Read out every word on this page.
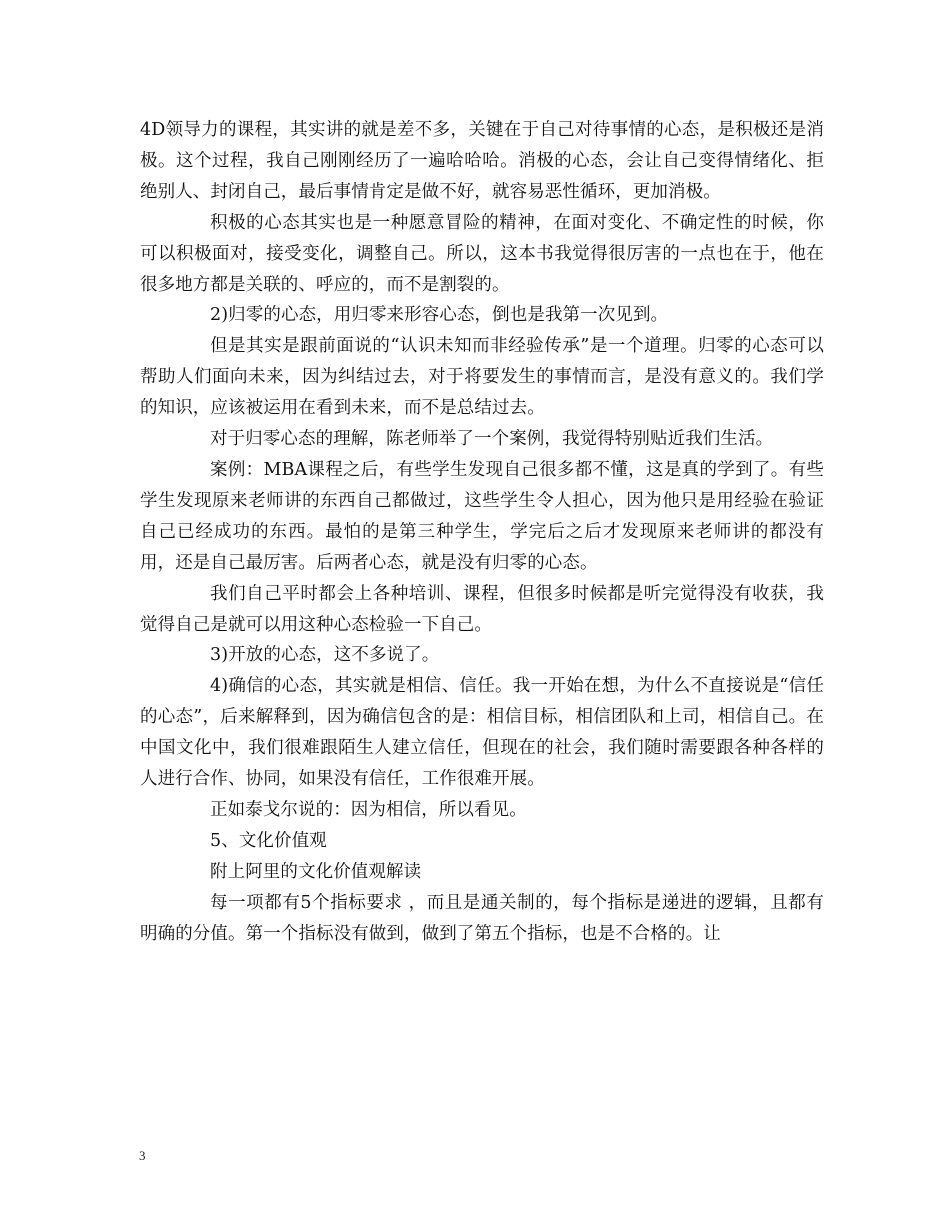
4D领导力的课程，其实讲的就是差不多，关键在于自己对待事情的心态，是积极还是消极。这个过程，我自己刚刚经历了一遍哈哈哈。消极的心态，会让自己变得情绪化、拒绝别人、封闭自己，最后事情肯定是做不好，就容易恶性循环，更加消极。

积极的心态其实也是一种愿意冒险的精神，在面对变化、不确定性的时候，你可以积极面对，接受变化，调整自己。所以，这本书我觉得很厉害的一点也在于，他在很多地方都是关联的、呼应的，而不是割裂的。

2)归零的心态，用归零来形容心态，倒也是我第一次见到。

但是其实是跟前面说的“认识未知而非经验传承”是一个道理。归零的心态可以帮助人们面向未来，因为纠结过去，对于将要发生的事情而言，是没有意义的。我们学的知识，应该被运用在看到未来，而不是总结过去。

对于归零心态的理解，陈老师举了一个案例，我觉得特别贴近我们生活。

案例：MBA课程之后，有些学生发现自己很多都不懂，这是真的学到了。有些学生发现原来老师讲的东西自己都做过，这些学生令人担心，因为他只是用经验在验证自己已经成功的东西。最怕的是第三种学生，学完后之后才发现原来老师讲的都没有用，还是自己最厉害。后两者心态，就是没有归零的心态。

我们自己平时都会上各种培训、课程，但很多时候都是听完觉得没有收获，我觉得自己是就可以用这种心态检验一下自己。

3)开放的心态，这不多说了。

4)确信的心态，其实就是相信、信任。我一开始在想，为什么不直接说是“信任的心态”，后来解释到，因为确信包含的是：相信目标，相信团队和上司，相信自己。在中国文化中，我们很难跟陌生人建立信任，但现在的社会，我们随时需要跟各种各样的人进行合作、协同，如果没有信任，工作很难开展。

正如泰戈尔说的：因为相信，所以看见。

5、文化价值观

附上阿里的文化价值观解读

每一项都有5个指标要求 ，而且是通关制的，每个指标是递进的逻辑，且都有明确的分值。第一个指标没有做到，做到了第五个指标，也是不合格的。让

3
